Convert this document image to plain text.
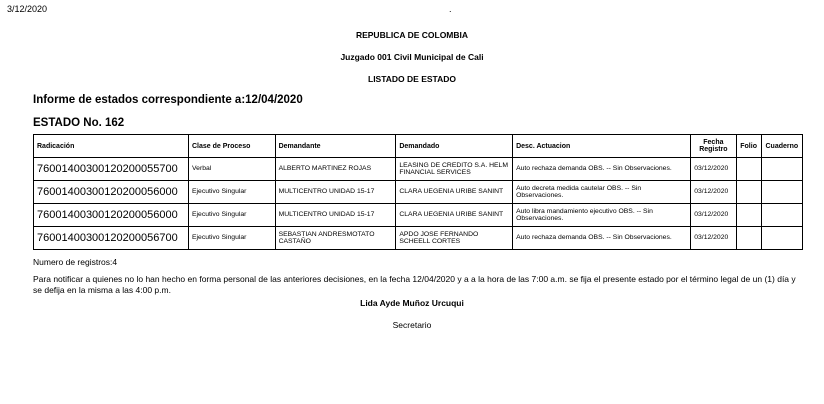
3/12/2020	.
REPUBLICA DE COLOMBIA
Juzgado 001 Civil Municipal de Cali
LISTADO DE ESTADO
Informe de estados correspondiente a:12/04/2020
ESTADO No. 162
Radicación	Clase de Proceso	Demandante	Demandado	Desc. Actuacion	Fecha Registro	Folio	Cuaderno
76001400300120200055700	Verbal	ALBERTO MARTINEZ ROJAS	LEASING DE CREDITO S.A. HELM FINANCIAL SERVICES	Auto rechaza demanda OBS. -- Sin Observaciones.	03/12/2020		
76001400300120200056000	Ejecutivo Singular	MULTICENTRO UNIDAD 15-17	CLARA UEGENIA URIBE SANINT	Auto decreta medida cautelar OBS. -- Sin Observaciones.	03/12/2020		
76001400300120200056000	Ejecutivo Singular	MULTICENTRO UNIDAD 15-17	CLARA UEGENIA URIBE SANINT	Auto libra mandamiento ejecutivo OBS. -- Sin Observaciones.	03/12/2020		
76001400300120200056700	Ejecutivo Singular	SEBASTIAN ANDRESMOTATO CASTAÑO	APDO JOSE FERNANDO SCHEELL CORTES	Auto rechaza demanda OBS. -- Sin Observaciones.	03/12/2020		
Numero de registros:4
Para notificar a quienes no lo han hecho en forma personal de las anteriores decisiones, en la fecha 12/04/2020 y a a la hora de las 7:00 a.m. se fija el presente estado por el término legal de un (1) día y se defija en la misma a las 4:00 p.m.
Lida Ayde Muñoz Urcuqui
Secretario
